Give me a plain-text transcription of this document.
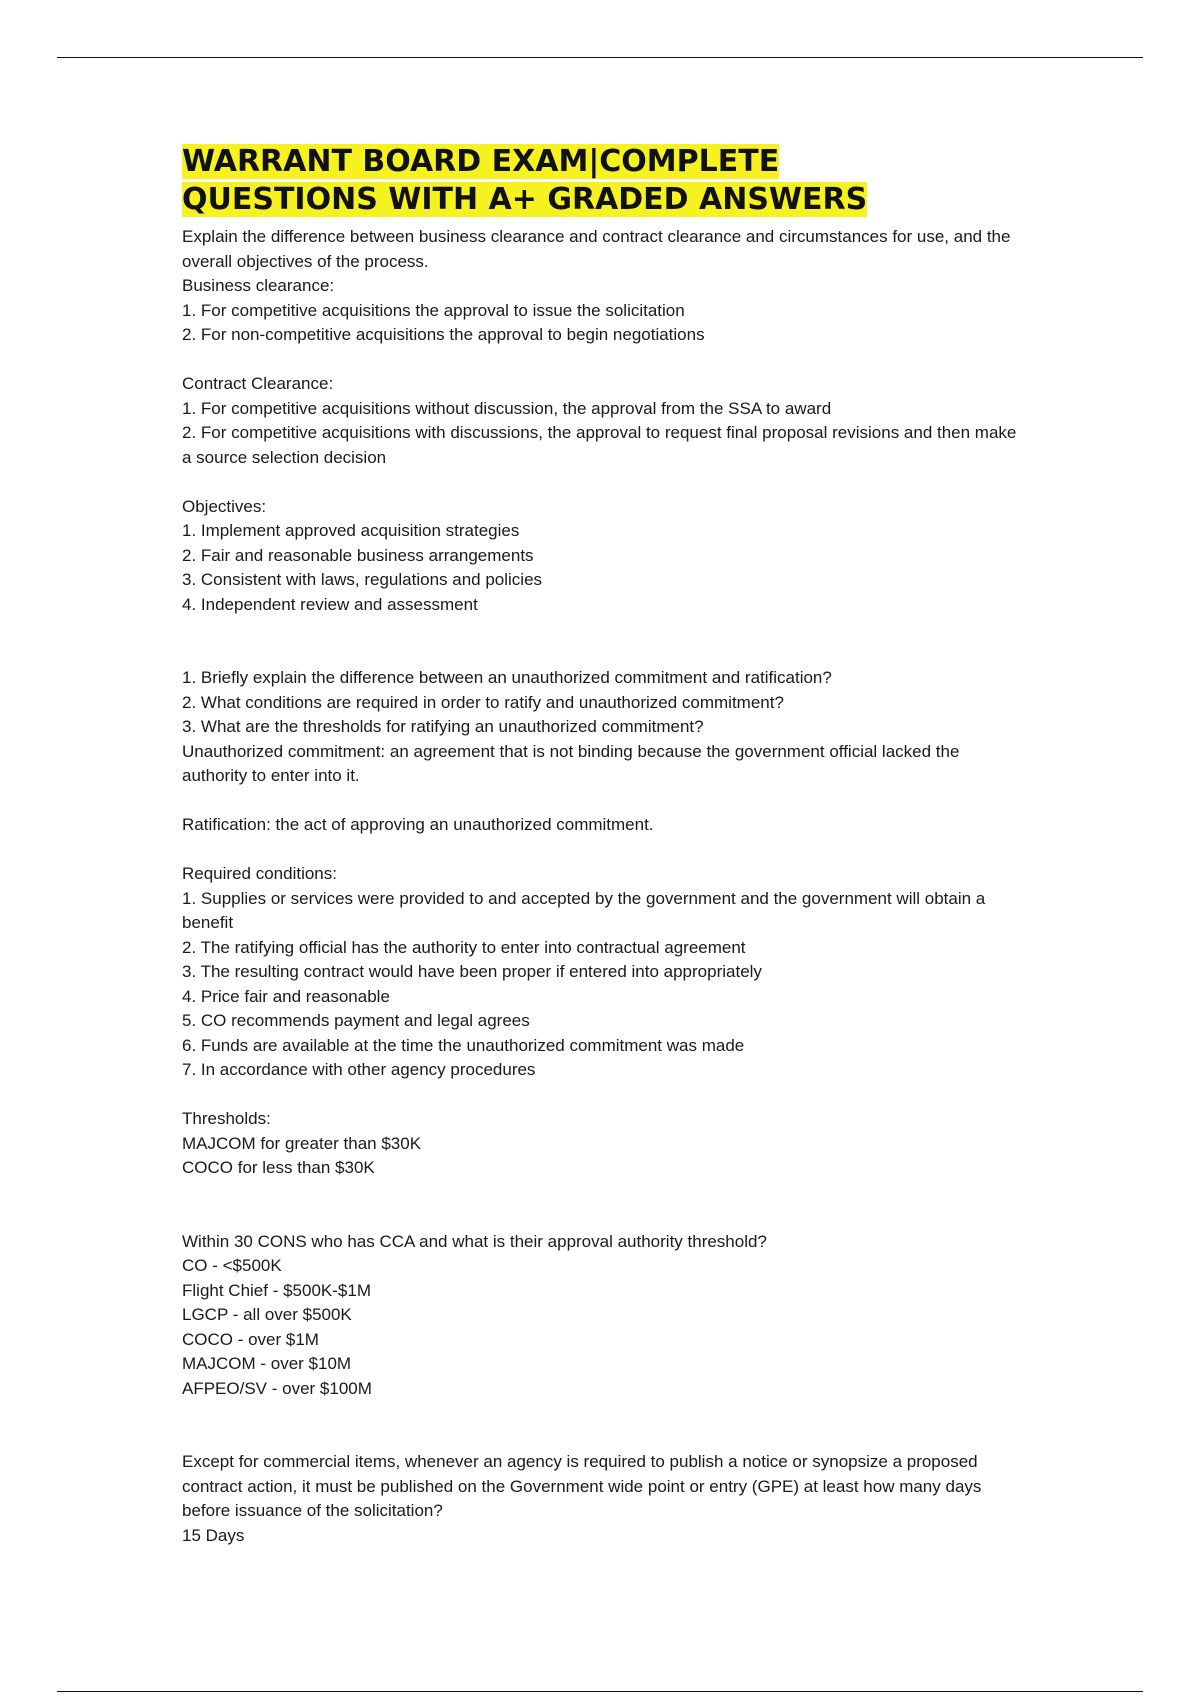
WARRANT BOARD EXAM|COMPLETE
QUESTIONS WITH A+ GRADED ANSWERS

Explain the difference between business clearance and contract clearance and circumstances for use, and the overall objectives of the process.

Business clearance:

1. For competitive acquisitions the approval to issue the solicitation

2. For non-competitive acquisitions the approval to begin negotiations

Contract Clearance:

1. For competitive acquisitions without discussion, the approval from the SSA to award

2. For competitive acquisitions with discussions, the approval to request final proposal revisions and then make a source selection decision

Objectives:

1. Implement approved acquisition strategies

2. Fair and reasonable business arrangements

3. Consistent with laws, regulations and policies

4. Independent review and assessment

1. Briefly explain the difference between an unauthorized commitment and ratification?

2. What conditions are required in order to ratify and unauthorized commitment?

3. What are the thresholds for ratifying an unauthorized commitment?

Unauthorized commitment: an agreement that is not binding because the government official lacked the authority to enter into it.

Ratification: the act of approving an unauthorized commitment.

Required conditions:

1. Supplies or services were provided to and accepted by the government and the government will obtain a benefit

2. The ratifying official has the authority to enter into contractual agreement

3. The resulting contract would have been proper if entered into appropriately

4. Price fair and reasonable

5. CO recommends payment and legal agrees

6. Funds are available at the time the unauthorized commitment was made

7. In accordance with other agency procedures

Thresholds:

MAJCOM for greater than $30K

COCO for less than $30K

Within 30 CONS who has CCA and what is their approval authority threshold?

CO - <$500K

Flight Chief - $500K-$1M

LGCP - all over $500K

COCO - over $1M

MAJCOM - over $10M

AFPEO/SV - over $100M

Except for commercial items, whenever an agency is required to publish a notice or synopsize a proposed contract action, it must be published on the Government wide point or entry (GPE) at least how many days before issuance of the solicitation?

15 Days
